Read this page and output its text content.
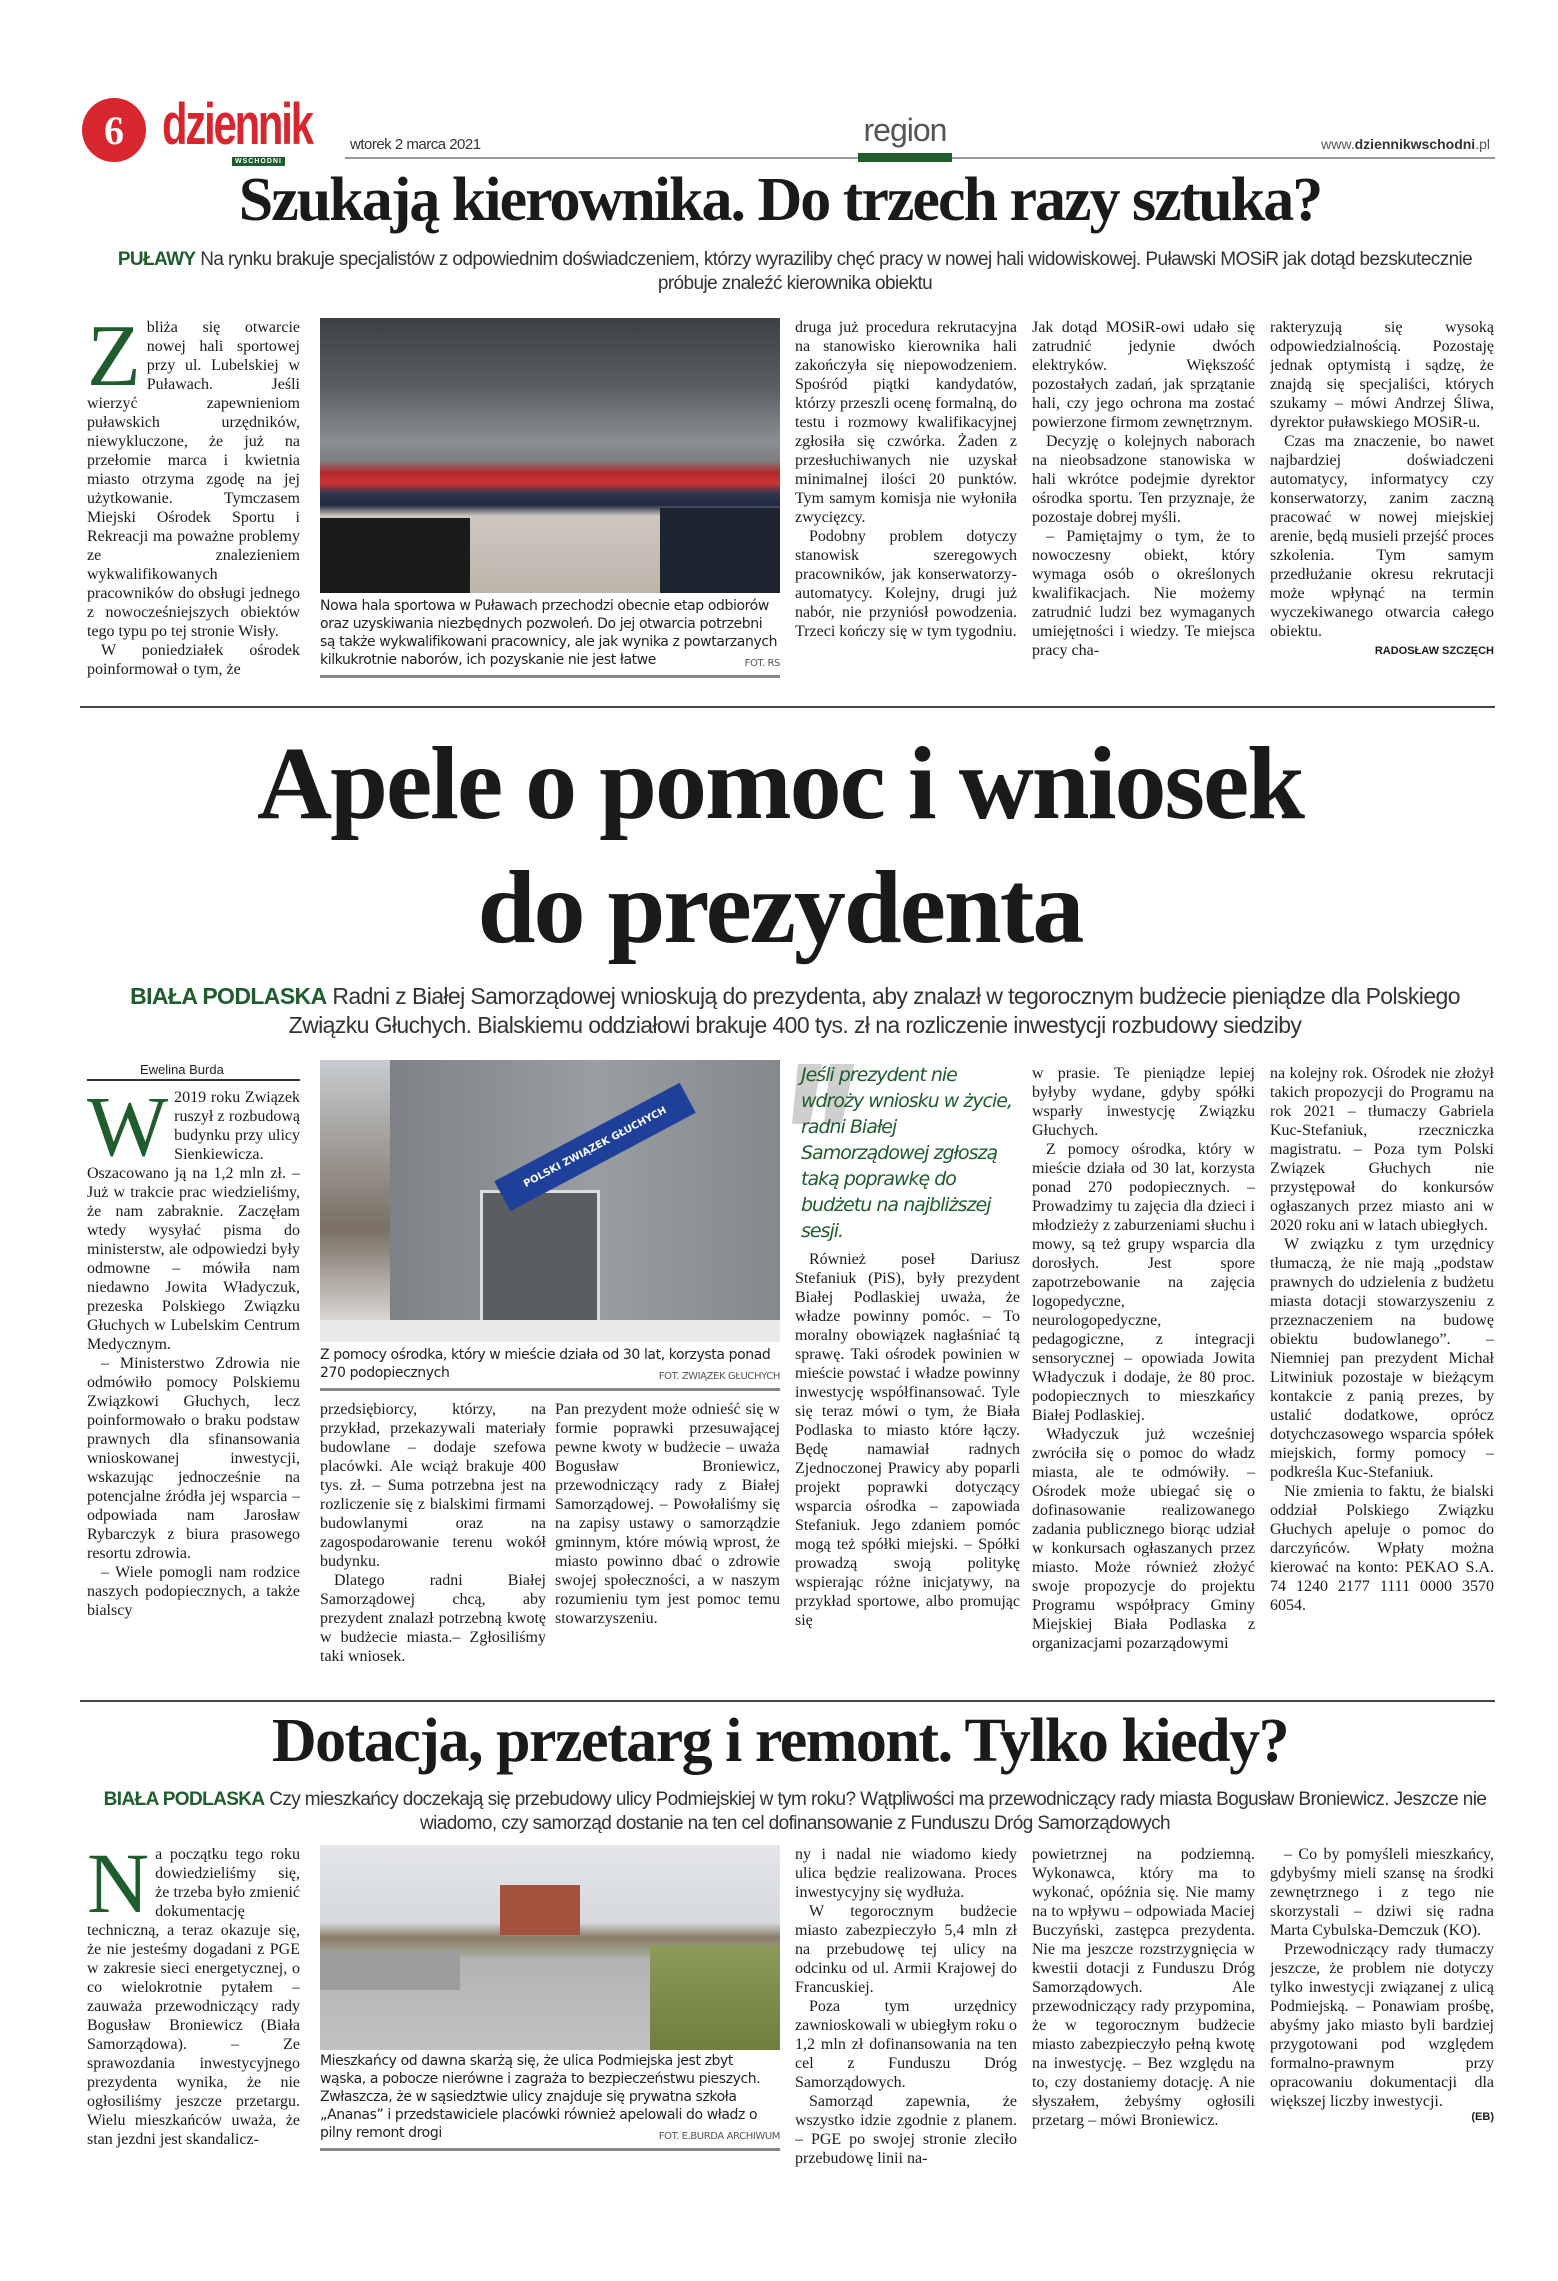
6 dziennik
WSCHODNI
wtorek 2 marca 2021	region	www.dziennikwschodni.pl
Szukają kierownika. Do trzech razy sztuka?
PUŁAWY Na rynku brakuje specjalistów z odpowiednim doświadczeniem, którzy wyraziliby chęć pracy w nowej hali widowiskowej. Puławski MOSiR jak dotąd bezskutecznie próbuje znaleźć kierownika obiektu
Z bliża się otwarcie nowej hali sportowej przy ul. Lubelskiej w Puławach. Jeśli wierzyć zapewnieniom puławskich urzędników, niewykluczone, że już na przełomie marca i kwietnia miasto otrzyma zgodę na jej użytkowanie. Tymczasem Miejski Ośrodek Sportu i Rekreacji ma poważne problemy ze znalezieniem wykwalifikowanych pracowników do obsługi jednego z nowocześniejszych obiektów tego typu po tej stronie Wisły.

W poniedziałek ośrodek poinformował o tym, że

Nowa hala sportowa w Puławach przechodzi obecnie etap odbiorów oraz uzyskiwania niezbędnych pozwoleń. Do jej otwarcia potrzebni są także wykwalifikowani pracownicy, ale jak wynika z powtarzanych kilkukrotnie naborów, ich pozyskanie nie jest łatwe	FOT. RS

druga już procedura rekrutacyjna na stanowisko kierownika hali zakończyła się niepowodzeniem. Spośród piątki kandydatów, którzy przeszli ocenę formalną, do testu i rozmowy kwalifikacyjnej zgłosiła się czwórka. Żaden z przesłuchiwanych nie uzyskał minimalnej ilości 20 punktów. Tym samym komisja nie wyłoniła zwycięzcy.

Podobny problem dotyczy stanowisk szeregowych pracowników, jak konserwatorzy-automatycy. Kolejny, drugi już nabór, nie przyniósł powodzenia. Trzeci kończy się w tym tygodniu.

Jak dotąd MOSiR-owi udało się zatrudnić jedynie dwóch elektryków. Większość pozostałych zadań, jak sprzątanie hali, czy jego ochrona ma zostać powierzone firmom zewnętrznym.

Decyzję o kolejnych naborach na nieobsadzone stanowiska w hali wkrótce podejmie dyrektor ośrodka sportu. Ten przyznaje, że pozostaje dobrej myśli.

– Pamiętajmy o tym, że to nowoczesny obiekt, który wymaga osób o określonych kwalifikacjach. Nie możemy zatrudnić ludzi bez wymaganych umiejętności i wiedzy. Te miejsca pracy cha-

rakteryzują się wysoką odpowiedzialnością. Pozostaję jednak optymistą i sądzę, że znajdą się specjaliści, których szukamy – mówi Andrzej Śliwa, dyrektor puławskiego MOSiR-u.

Czas ma znaczenie, bo nawet najbardziej doświadczeni automatycy, informatycy czy konserwatorzy, zanim zaczną pracować w nowej miejskiej arenie, będą musieli przejść proces szkolenia. Tym samym przedłużanie okresu rekrutacji może wpłynąć na termin wyczekiwanego otwarcia całego obiektu.

RADOSŁAW SZCZĘCH
Apele o pomoc i wniosek
do prezydenta
BIAŁA PODLASKA Radni z Białej Samorządowej wnioskują do prezydenta, aby znalazł w tegorocznym budżecie pieniądze dla Polskiego Związku Głuchych. Bialskiemu oddziałowi brakuje 400 tys. zł na rozliczenie inwestycji rozbudowy siedziby
Ewelina Burda
W 2019 roku Związek ruszył z rozbudową budynku przy ulicy Sienkiewicza. Oszacowano ją na 1,2 mln zł. – Już w trakcie prac wiedzieliśmy, że nam zabraknie. Zaczęłam wtedy wysyłać pisma do ministerstw, ale odpowiedzi były odmowne – mówiła nam niedawno Jowita Władyczuk, prezeska Polskiego Związku Głuchych w Lubelskim Centrum Medycznym.

– Ministerstwo Zdrowia nie odmówiło pomocy Polskiemu Związkowi Głuchych, lecz poinformowało o braku podstaw prawnych dla sfinansowania wnioskowanej inwestycji, wskazując jednocześnie na potencjalne źródła jej wsparcia – odpowiada nam Jarosław Rybarczyk z biura prasowego resortu zdrowia.

– Wiele pomogli nam rodzice naszych podopiecznych, a także bialscy

POLSKI ZWIĄZEK GŁUCHYCH
Z pomocy ośrodka, który w mieście działa od 30 lat, korzysta ponad 270 podopiecznych	FOT. ZWIĄZEK GŁUCHYCH

przedsiębiorcy, którzy, na przykład, przekazywali materiały budowlane – dodaje szefowa placówki. Ale wciąż brakuje 400 tys. zł. – Suma potrzebna jest na rozliczenie się z bialskimi firmami budowlanymi oraz na zagospodarowanie terenu wokół budynku.

Dlatego radni Białej Samorządowej chcą, aby prezydent znalazł potrzebną kwotę w budżecie miasta.– Zgłosiliśmy taki wniosek.

Pan prezydent może odnieść się w formie poprawki przesuwającej pewne kwoty w budżecie – uważa Bogusław Broniewicz, przewodniczący rady z Białej Samorządowej. – Powołaliśmy się na zapisy ustawy o samorządzie gminnym, które mówią wprost, że miasto powinno dbać o zdrowie swojej społeczności, a w naszym rozumieniu tym jest pomoc temu stowarzyszeniu.

Jeśli prezydent nie wdroży wniosku w życie, radni Białej Samorządowej zgłoszą taką poprawkę do budżetu na najbliższej sesji.

Również poseł Dariusz Stefaniuk (PiS), były prezydent Białej Podlaskiej uważa, że władze powinny pomóc. – To moralny obowiązek nagłaśniać tą sprawę. Taki ośrodek powinien w mieście powstać i władze powinny inwestycję współfinansować. Tyle się teraz mówi o tym, że Biała Podlaska to miasto które łączy. Będę namawiał radnych Zjednoczonej Prawicy aby poparli projekt poprawki dotyczący wsparcia ośrodka – zapowiada Stefaniuk. Jego zdaniem pomóc mogą też spółki miejski. – Spółki prowadzą swoją politykę wspierając różne inicjatywy, na przykład sportowe, albo promując się

w prasie. Te pieniądze lepiej byłyby wydane, gdyby spółki wsparły inwestycję Związku Głuchych.

Z pomocy ośrodka, który w mieście działa od 30 lat, korzysta ponad 270 podopiecznych. – Prowadzimy tu zajęcia dla dzieci i młodzieży z zaburzeniami słuchu i mowy, są też grupy wsparcia dla dorosłych. Jest spore zapotrzebowanie na zajęcia logopedyczne, neurologopedyczne, pedagogiczne, z integracji sensorycznej – opowiada Jowita Władyczuk i dodaje, że 80 proc. podopiecznych to mieszkańcy Białej Podlaskiej.

Władyczuk już wcześniej zwróciła się o pomoc do władz miasta, ale te odmówiły. – Ośrodek może ubiegać się o dofinasowanie realizowanego zadania publicznego biorąc udział w konkursach ogłaszanych przez miasto. Może również złożyć swoje propozycje do projektu Programu współpracy Gminy Miejskiej Biała Podlaska z organizacjami pozarządowymi

na kolejny rok. Ośrodek nie złożył takich propozycji do Programu na rok 2021 – tłumaczy Gabriela Kuc-Stefaniuk, rzeczniczka magistratu. – Poza tym Polski Związek Głuchych nie przystępował do konkursów ogłaszanych przez miasto ani w 2020 roku ani w latach ubiegłych.

W związku z tym urzędnicy tłumaczą, że nie mają „podstaw prawnych do udzielenia z budżetu miasta dotacji stowarzyszeniu z przeznaczeniem na budowę obiektu budowlanego”. – Niemniej pan prezydent Michał Litwiniuk pozostaje w bieżącym kontakcie z panią prezes, by ustalić dodatkowe, oprócz dotychczasowego wsparcia spółek miejskich, formy pomocy – podkreśla Kuc-Stefaniuk.

Nie zmienia to faktu, że bialski oddział Polskiego Związku Głuchych apeluje o pomoc do darczyńców. Wpłaty można kierować na konto: PEKAO S.A. 74 1240 2177 1111 0000 3570 6054.

Dotacja, przetarg i remont. Tylko kiedy?
BIAŁA PODLASKA Czy mieszkańcy doczekają się przebudowy ulicy Podmiejskiej w tym roku? Wątpliwości ma przewodniczący rady miasta Bogusław Broniewicz. Jeszcze nie wiadomo, czy samorząd dostanie na ten cel dofinansowanie z Funduszu Dróg Samorządowych
N a początku tego roku dowiedzieliśmy się, że trzeba było zmienić dokumentację techniczną, a teraz okazuje się, że nie jesteśmy dogadani z PGE w zakresie sieci energetycznej, o co wielokrotnie pytałem – zauważa przewodniczący rady Bogusław Broniewicz (Biała Samorządowa). – Ze sprawozdania inwestycyjnego prezydenta wynika, że nie ogłosiliśmy jeszcze przetargu. Wielu mieszkańców uważa, że stan jezdni jest skandalicz-

Mieszkańcy od dawna skarżą się, że ulica Podmiejska jest zbyt wąska, a pobocze nierówne i zagraża to bezpieczeństwu pieszych. Zwłaszcza, że w sąsiedztwie ulicy znajduje się prywatna szkoła „Ananas” i przedstawiciele placówki również apelowali do władz o pilny remont drogi	FOT. E.BURDA ARCHIWUM

ny i nadal nie wiadomo kiedy ulica będzie realizowana. Proces inwestycyjny się wydłuża.

W tegorocznym budżecie miasto zabezpieczyło 5,4 mln zł na przebudowę tej ulicy na odcinku od ul. Armii Krajowej do Francuskiej.

Poza tym urzędnicy zawnioskowali w ubiegłym roku o 1,2 mln zł dofinansowania na ten cel z Funduszu Dróg Samorządowych.

Samorząd zapewnia, że wszystko idzie zgodnie z planem. – PGE po swojej stronie zleciło przebudowę linii na-

powietrznej na podziemną. Wykonawca, który ma to wykonać, opóźnia się. Nie mamy na to wpływu – odpowiada Maciej Buczyński, zastępca prezydenta. Nie ma jeszcze rozstrzygnięcia w kwestii dotacji z Funduszu Dróg Samorządowych. Ale przewodniczący rady przypomina, że w tegorocznym budżecie miasto zabezpieczyło pełną kwotę na inwestycję. – Bez względu na to, czy dostaniemy dotację. A nie słyszałem, żebyśmy ogłosili przetarg – mówi Broniewicz.

– Co by pomyśleli mieszkańcy, gdybyśmy mieli szansę na środki zewnętrznego i z tego nie skorzystali – dziwi się radna Marta Cybulska-Demczuk (KO).

Przewodniczący rady tłumaczy jeszcze, że problem nie dotyczy tylko inwestycji związanej z ulicą Podmiejską. – Ponawiam prośbę, abyśmy jako miasto byli bardziej przygotowani pod względem formalno-prawnym przy opracowaniu dokumentacji dla większej liczby inwestycji.

(EB)
